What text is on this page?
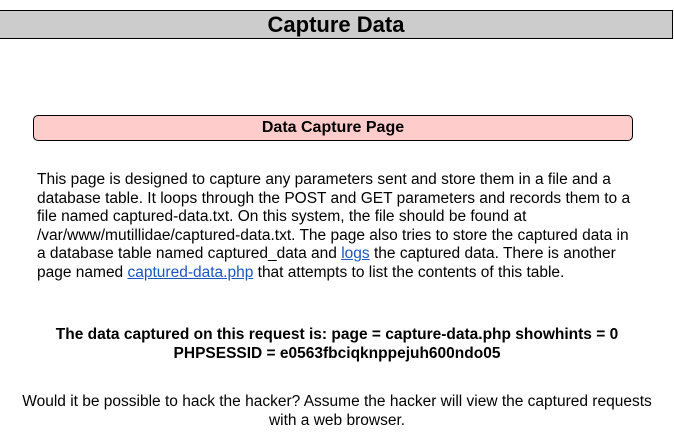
Capture Data
Data Capture Page
This page is designed to capture any parameters sent and store them in a file and a database table. It loops through the POST and GET parameters and records them to a file named captured-data.txt. On this system, the file should be found at /var/www/mutillidae/captured-data.txt. The page also tries to store the captured data in a database table named captured_data and logs the captured data. There is another page named captured-data.php that attempts to list the contents of this table.
The data captured on this request is: page = capture-data.php showhints = 0
PHPSESSID = e0563fbciqknppejuh600ndo05
Would it be possible to hack the hacker? Assume the hacker will view the captured requests with a web browser.
